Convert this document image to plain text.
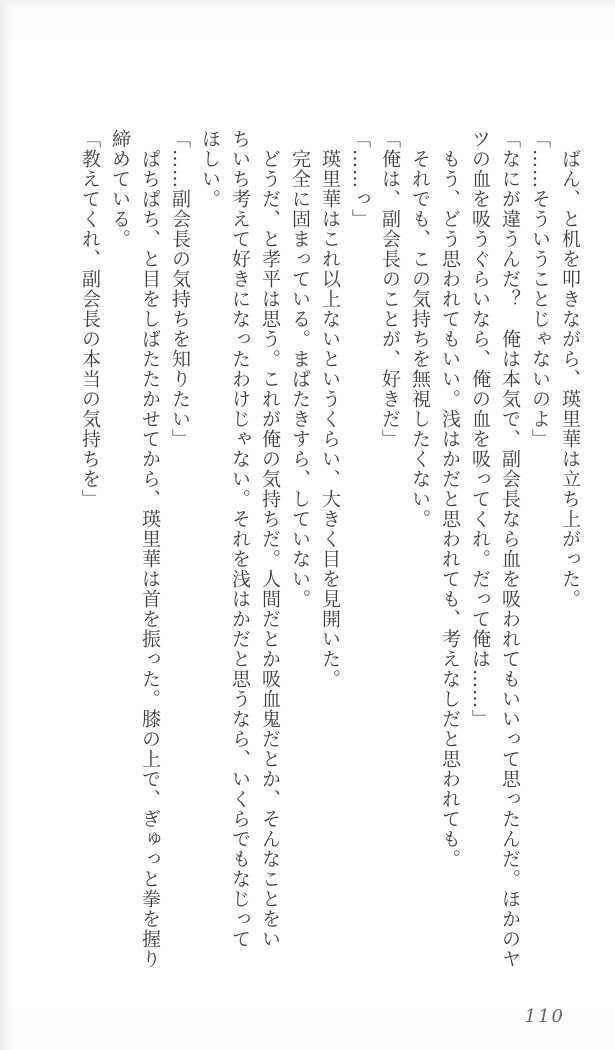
　ばん、と机を叩きながら、瑛里華は立ち上がった。
「……そういうことじゃないのよ」
「なにが違うんだ？　俺は本気で、副会長なら血を吸われてもいいって思ったんだ。ほかのヤ
ツの血を吸うぐらいなら、俺の血を吸ってくれ。だって俺は……」
　もう、どう思われてもいい。浅はかだと思われても、考えなしだと思われても。
　それでも、この気持ちを無視したくない。
「俺は、副会長のことが、好きだ」
「……っ」
　瑛里華はこれ以上ないというくらい、大きく目を見開いた。
　完全に固まっている。まばたきすら、していない。
　どうだ、と孝平は思う。これが俺の気持ちだ。人間だとか吸血鬼だとか、そんなことをい
ちいち考えて好きになったわけじゃない。それを浅はかだと思うなら、いくらでもなじって
ほしい。
「……副会長の気持ちを知りたい」
　ぱちぱち、と目をしばたたかせてから、瑛里華は首を振った。膝の上で、ぎゅっと拳を握り
締めている。
「教えてくれ、副会長の本当の気持ちを」
110
